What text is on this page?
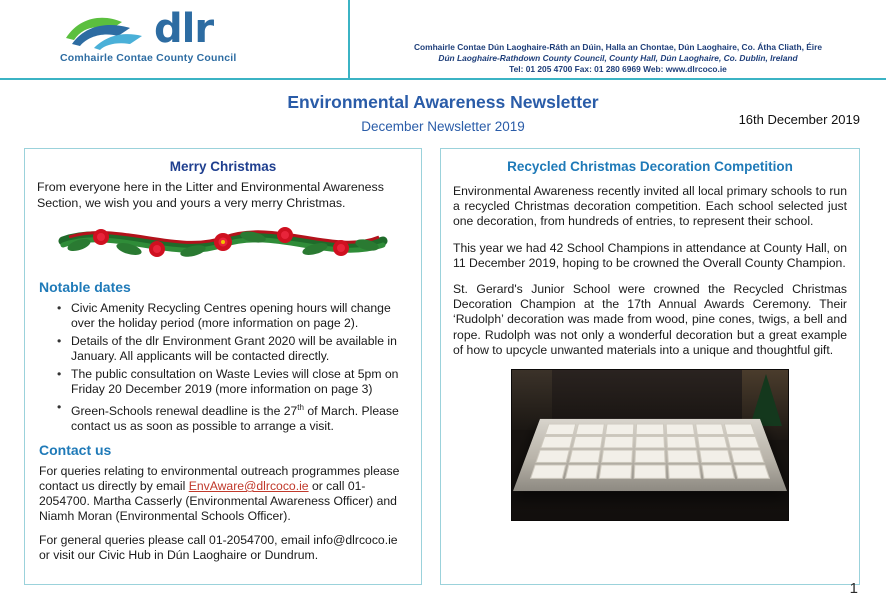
dlr
Comhairle Contae County Council
Comhairle Contae Dún Laoghaire-Ráth an Dúin, Halla an Chontae, Dún Laoghaire, Co. Átha Cliath, Éire
Dún Laoghaire-Rathdown County Council, County Hall, Dún Laoghaire, Co. Dublin, Ireland
Tel: 01 205 4700 Fax: 01 280 6969 Web: www.dlrcoco.ie
Environmental Awareness Newsletter
December Newsletter 2019	16th December 2019
Merry Christmas
From everyone here in the Litter and Environmental Awareness Section, we wish you and yours a very merry Christmas.
Notable dates
• Civic Amenity Recycling Centres opening hours will change over the holiday period (more information on page 2).
• Details of the dlr Environment Grant 2020 will be available in January. All applicants will be contacted directly.
• The public consultation on Waste Levies will close at 5pm on Friday 20 December 2019 (more information on page 3)
• Green-Schools renewal deadline is the 27th of March. Please contact us as soon as possible to arrange a visit.
Contact us

For queries relating to environmental outreach programmes please contact us directly by email EnvAware@dlrcoco.ie or call 01-2054700. Martha Casserly (Environmental Awareness Officer) and Niamh Moran (Environmental Schools Officer).

For general queries please call 01-2054700, email info@dlrcoco.ie or visit our Civic Hub in Dún Laoghaire or Dundrum.

Recycled Christmas Decoration Competition

Environmental Awareness recently invited all local primary schools to run a recycled Christmas decoration competition. Each school selected just one decoration, from hundreds of entries, to represent their school.

This year we had 42 School Champions in attendance at County Hall, on 11 December 2019, hoping to be crowned the Overall County Champion.

St. Gerard's Junior School were crowned the Recycled Christmas Decoration Champion at the 17th Annual Awards Ceremony. Their ‘Rudolph’ decoration was made from wood, pine cones, twigs, a bell and rope. Rudolph was not only a wonderful decoration but a great example of how to upcycle unwanted materials into a unique and thoughtful gift.

1
